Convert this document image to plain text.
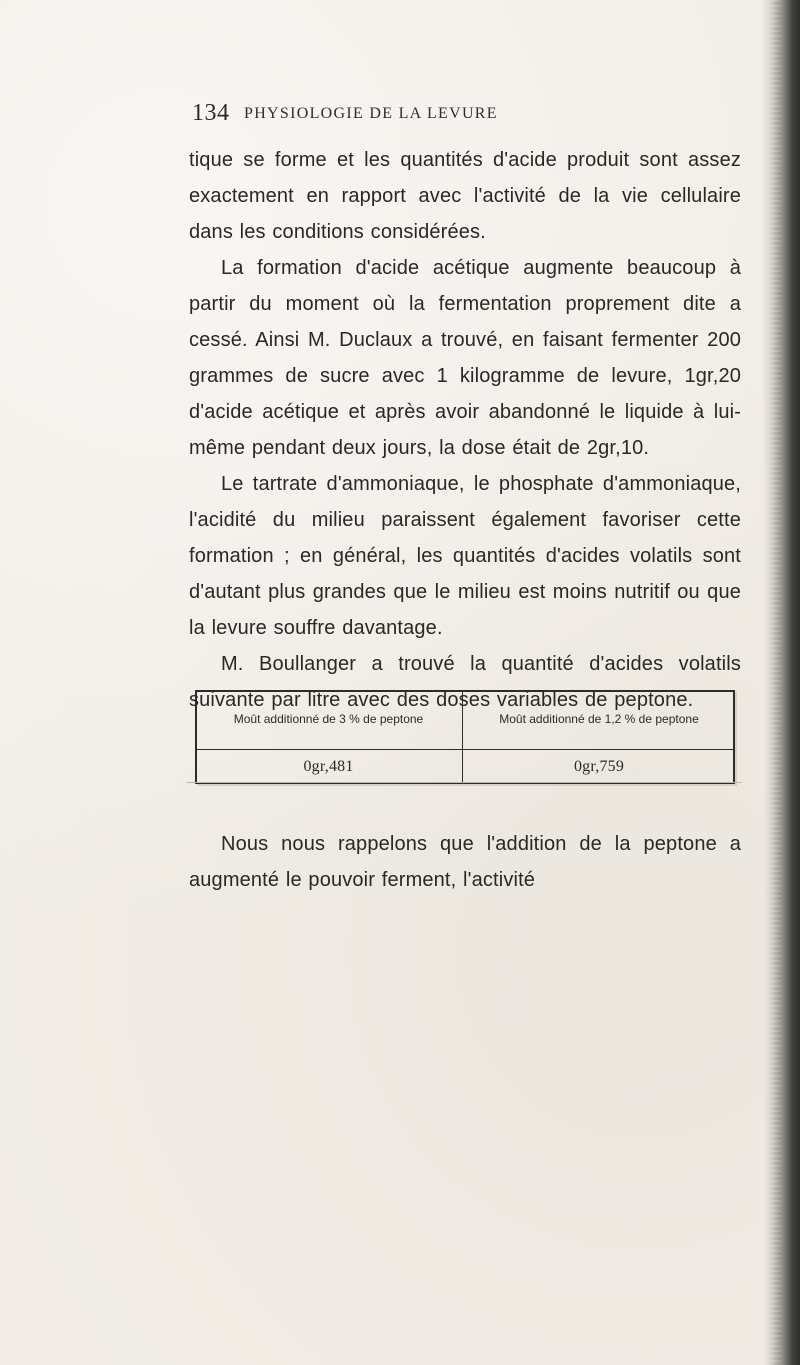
134 PHYSIOLOGIE DE LA LEVURE

tique se forme et les quantités d'acide produit sont assez exactement en rapport avec l'activité de la vie cellulaire dans les conditions considérées.

La formation d'acide acétique augmente beaucoup à partir du moment où la fermentation proprement dite a cessé. Ainsi M. Duclaux a trouvé, en faisant fermenter 200 grammes de sucre avec 1 kilogramme de levure, 1gr,20 d'acide acétique et après avoir abandonné le liquide à lui-même pendant deux jours, la dose était de 2gr,10.

Le tartrate d'ammoniaque, le phosphate d'ammoniaque, l'acidité du milieu paraissent également favoriser cette formation ; en général, les quantités d'acides volatils sont d'autant plus grandes que le milieu est moins nutritif ou que la levure souffre davantage.

M. Boullanger a trouvé la quantité d'acides volatils suivante par litre avec des doses variables de peptone.

Moût additionné de 3 % de peptone	Moût additionné de 1,2 % de peptone
0gr,481	0gr,759

Nous nous rappelons que l'addition de la peptone a augmenté le pouvoir ferment, l'activité
